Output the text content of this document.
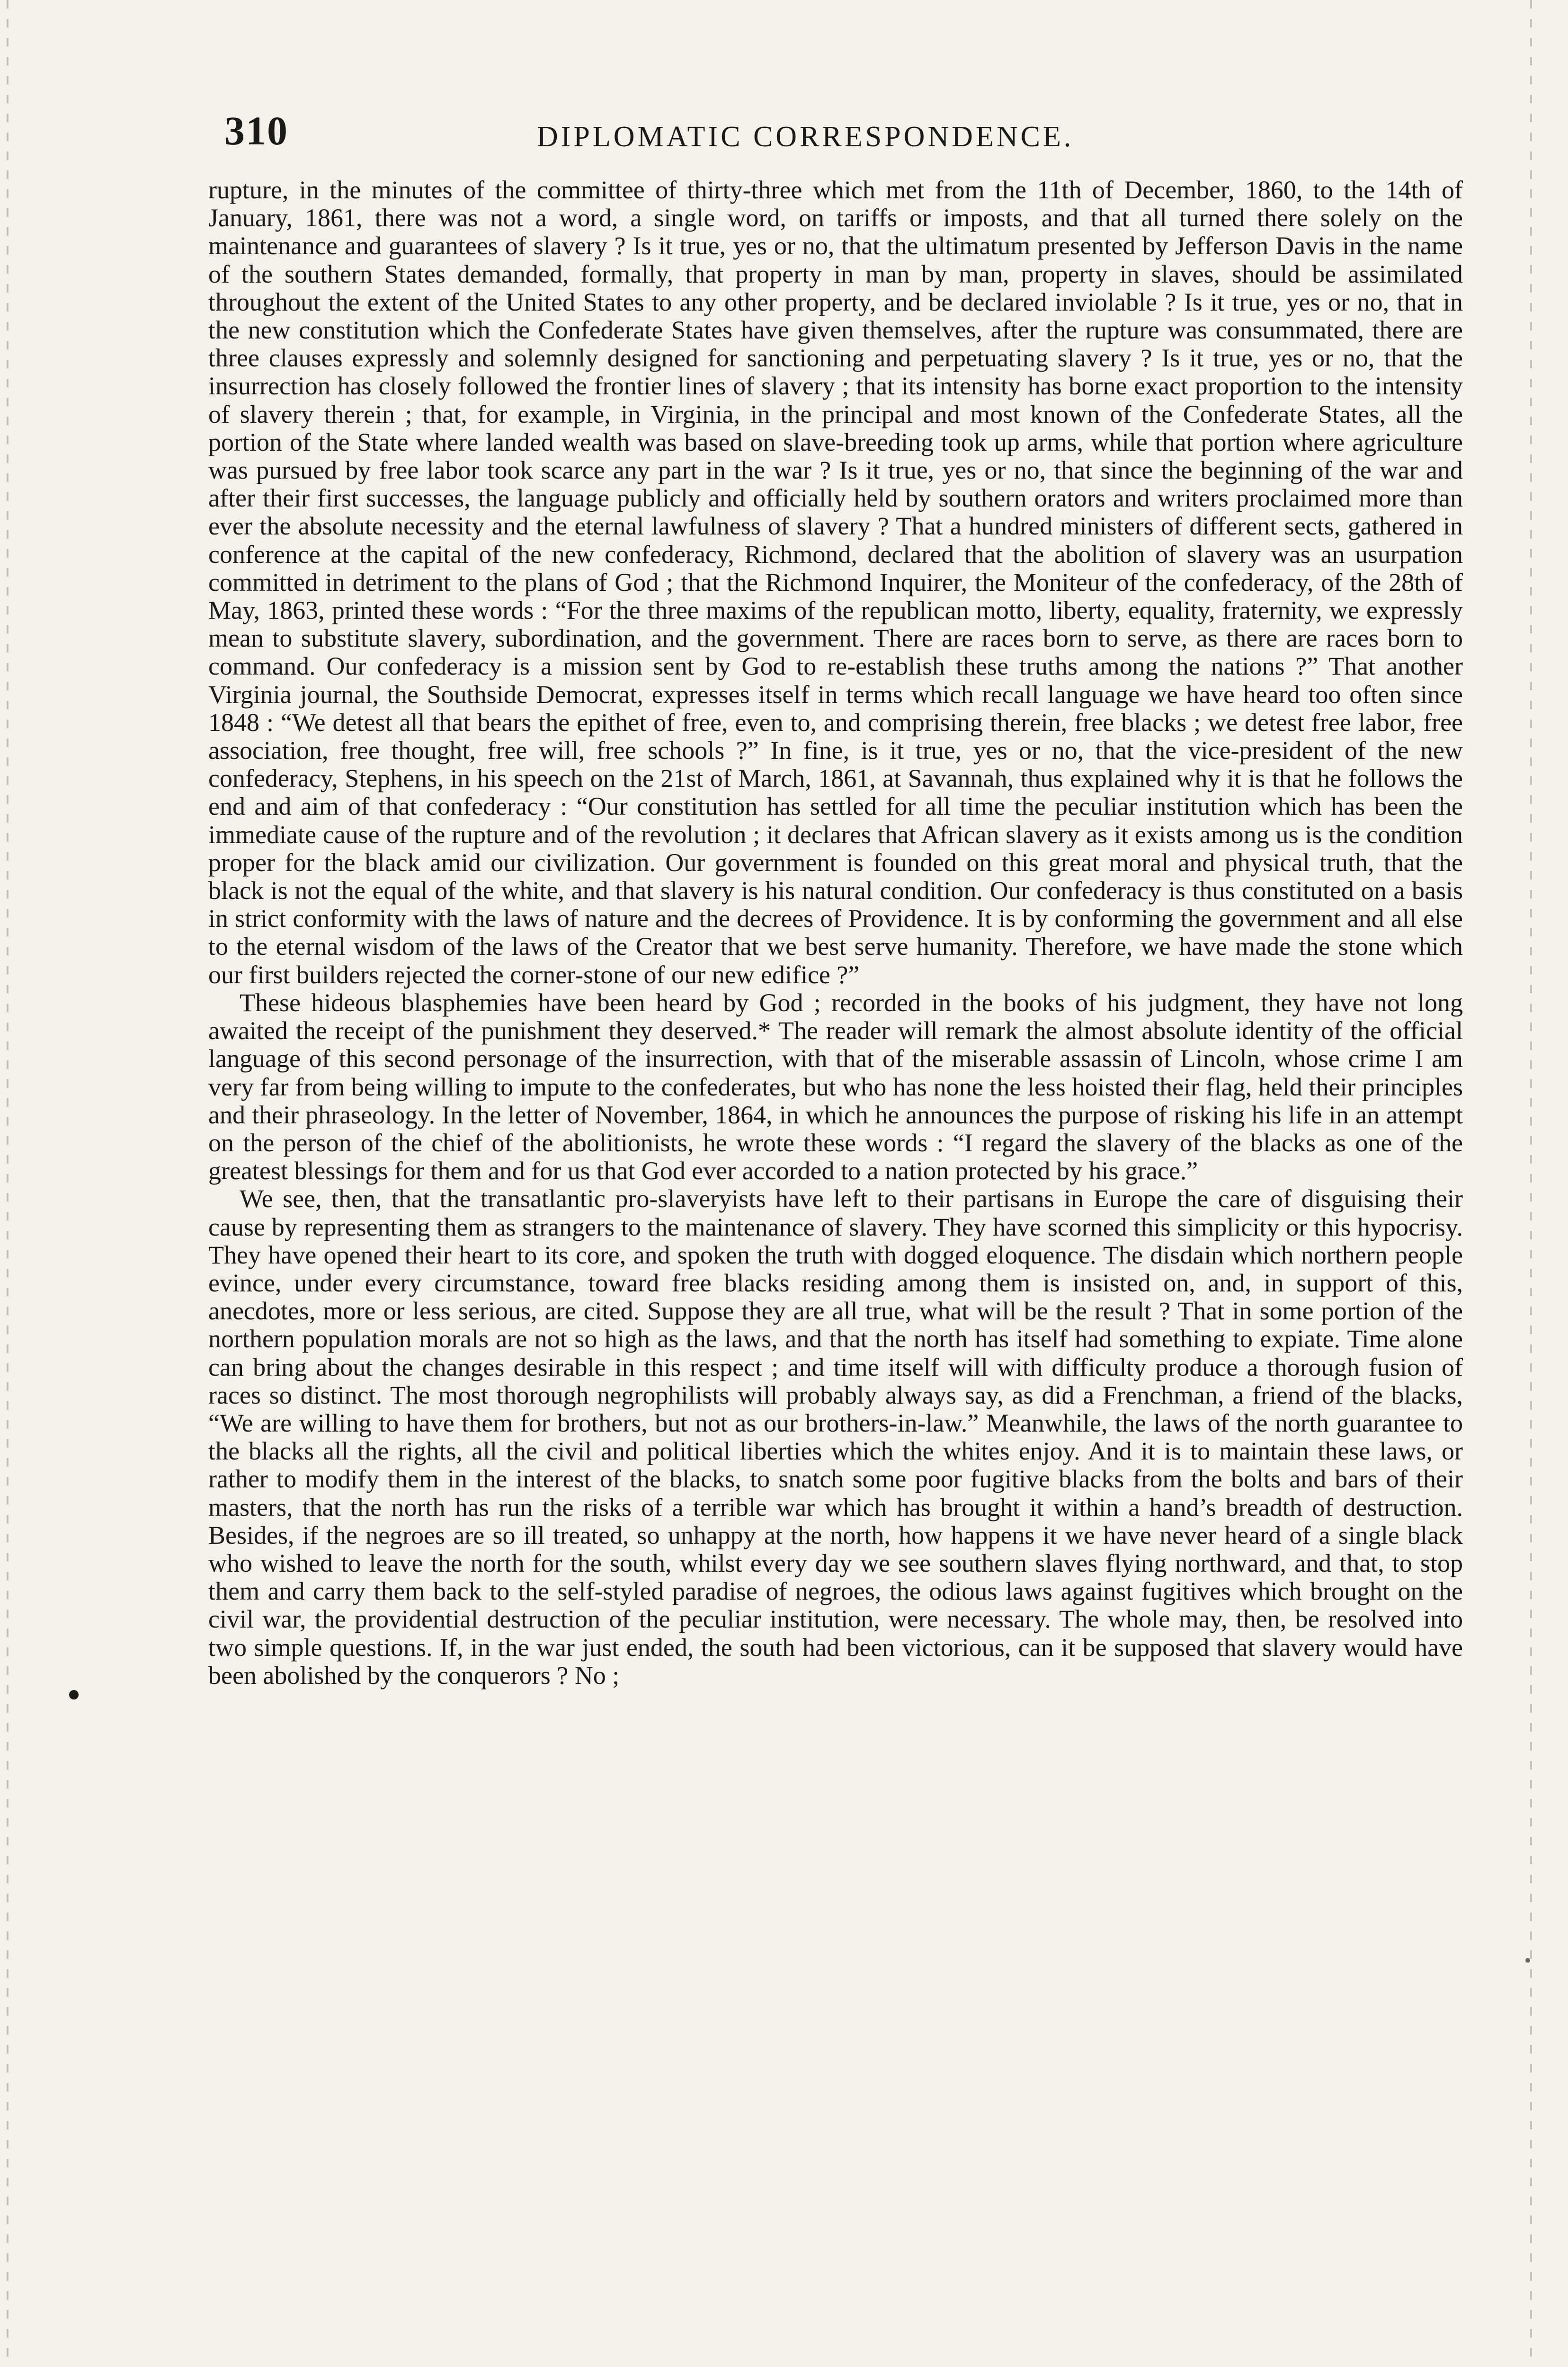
310	DIPLOMATIC CORRESPONDENCE.

rupture, in the minutes of the committee of thirty-three which met from the 11th of December, 1860, to the 14th of January, 1861, there was not a word, a single word, on tariffs or imposts, and that all turned there solely on the maintenance and guarantees of slavery ? Is it true, yes or no, that the ultimatum presented by Jefferson Davis in the name of the southern States demanded, formally, that property in man by man, property in slaves, should be assimilated throughout the extent of the United States to any other property, and be declared inviolable ? Is it true, yes or no, that in the new constitution which the Confederate States have given themselves, after the rupture was consummated, there are three clauses expressly and solemnly designed for sanctioning and perpetuating slavery ? Is it true, yes or no, that the insurrection has closely followed the frontier lines of slavery ; that its intensity has borne exact proportion to the intensity of slavery therein ; that, for example, in Virginia, in the principal and most known of the Confederate States, all the portion of the State where landed wealth was based on slave-breeding took up arms, while that portion where agriculture was pursued by free labor took scarce any part in the war ? Is it true, yes or no, that since the beginning of the war and after their first successes, the language publicly and officially held by southern orators and writers proclaimed more than ever the absolute necessity and the eternal lawfulness of slavery ? That a hundred ministers of different sects, gathered in conference at the capital of the new confederacy, Richmond, declared that the abolition of slavery was an usurpation committed in detriment to the plans of God ; that the Richmond Inquirer, the Moniteur of the confederacy, of the 28th of May, 1863, printed these words : “For the three maxims of the republican motto, liberty, equality, fraternity, we expressly mean to substitute slavery, subordination, and the government. There are races born to serve, as there are races born to command. Our confederacy is a mission sent by God to re-establish these truths among the nations ?” That another Virginia journal, the Southside Democrat, expresses itself in terms which recall language we have heard too often since 1848 : “We detest all that bears the epithet of free, even to, and comprising therein, free blacks ; we detest free labor, free association, free thought, free will, free schools ?” In fine, is it true, yes or no, that the vice-president of the new confederacy, Stephens, in his speech on the 21st of March, 1861, at Savannah, thus explained why it is that he follows the end and aim of that confederacy : “Our constitution has settled for all time the peculiar institution which has been the immediate cause of the rupture and of the revolution ; it declares that African slavery as it exists among us is the condition proper for the black amid our civilization. Our government is founded on this great moral and physical truth, that the black is not the equal of the white, and that slavery is his natural condition. Our confederacy is thus constituted on a basis in strict conformity with the laws of nature and the decrees of Providence. It is by conforming the government and all else to the eternal wisdom of the laws of the Creator that we best serve humanity. Therefore, we have made the stone which our first builders rejected the corner-stone of our new edifice ?”

These hideous blasphemies have been heard by God ; recorded in the books of his judgment, they have not long awaited the receipt of the punishment they deserved.* The reader will remark the almost absolute identity of the official language of this second personage of the insurrection, with that of the miserable assassin of Lincoln, whose crime I am very far from being willing to impute to the confederates, but who has none the less hoisted their flag, held their principles and their phraseology. In the letter of November, 1864, in which he announces the purpose of risking his life in an attempt on the person of the chief of the abolitionists, he wrote these words : “I regard the slavery of the blacks as one of the greatest blessings for them and for us that God ever accorded to a nation protected by his grace.”

We see, then, that the transatlantic pro-slaveryists have left to their partisans in Europe the care of disguising their cause by representing them as strangers to the maintenance of slavery. They have scorned this simplicity or this hypocrisy. They have opened their heart to its core, and spoken the truth with dogged eloquence. The disdain which northern people evince, under every circumstance, toward free blacks residing among them is insisted on, and, in support of this, anecdotes, more or less serious, are cited. Suppose they are all true, what will be the result ? That in some portion of the northern population morals are not so high as the laws, and that the north has itself had something to expiate. Time alone can bring about the changes desirable in this respect ; and time itself will with difficulty produce a thorough fusion of races so distinct. The most thorough negrophilists will probably always say, as did a Frenchman, a friend of the blacks, “We are willing to have them for brothers, but not as our brothers-in-law.” Meanwhile, the laws of the north guarantee to the blacks all the rights, all the civil and political liberties which the whites enjoy. And it is to maintain these laws, or rather to modify them in the interest of the blacks, to snatch some poor fugitive blacks from the bolts and bars of their masters, that the north has run the risks of a terrible war which has brought it within a hand’s breadth of destruction. Besides, if the negroes are so ill treated, so unhappy at the north, how happens it we have never heard of a single black who wished to leave the north for the south, whilst every day we see southern slaves flying northward, and that, to stop them and carry them back to the self-styled paradise of negroes, the odious laws against fugitives which brought on the civil war, the providential destruction of the peculiar institution, were necessary. The whole may, then, be resolved into two simple questions. If, in the war just ended, the south had been victorious, can it be supposed that slavery would have been abolished by the conquerors ? No ;
